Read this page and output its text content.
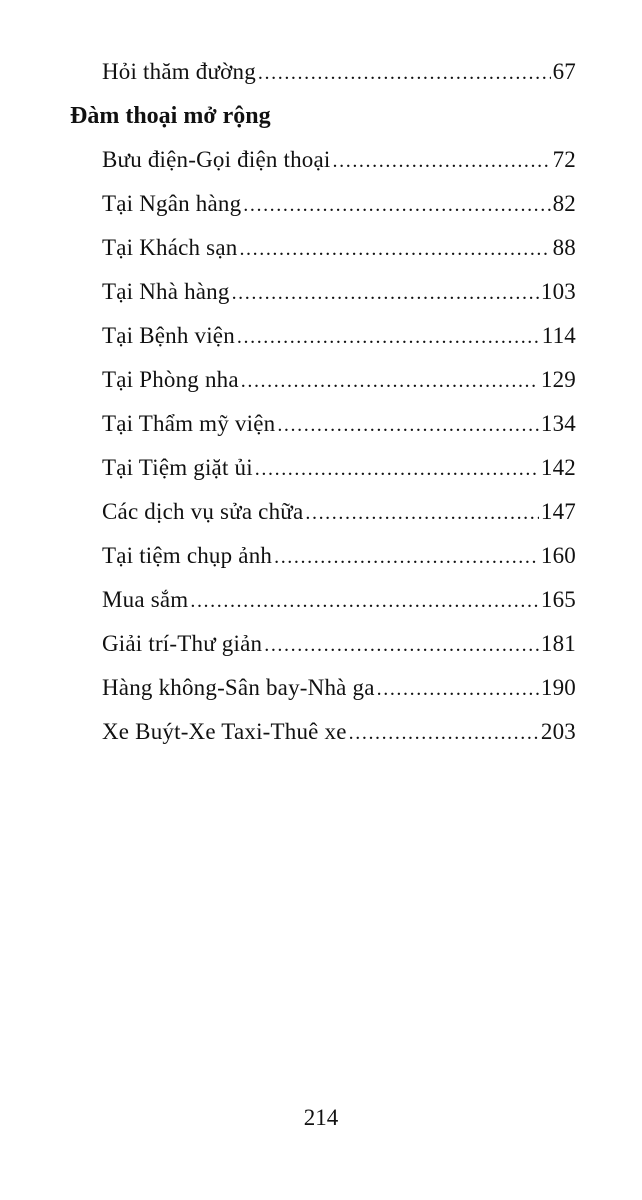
Hỏi thăm đường .....	67
Đàm thoại mở rộng
Bưu điện-Gọi điện thoại .....	72
Tại Ngân hàng .....	82
Tại Khách sạn .....	88
Tại Nhà hàng .....	103
Tại Bệnh viện .....	114
Tại Phòng nha .....	129
Tại Thẩm mỹ viện .....	134
Tại Tiệm giặt ủi .....	142
Các dịch vụ sửa chữa .....	147
Tại tiệm chụp ảnh .....	160
Mua sắm .....	165
Giải trí-Thư giản .....	181
Hàng không-Sân bay-Nhà ga .....	190
Xe Buýt-Xe Taxi-Thuê xe .....	203
214
